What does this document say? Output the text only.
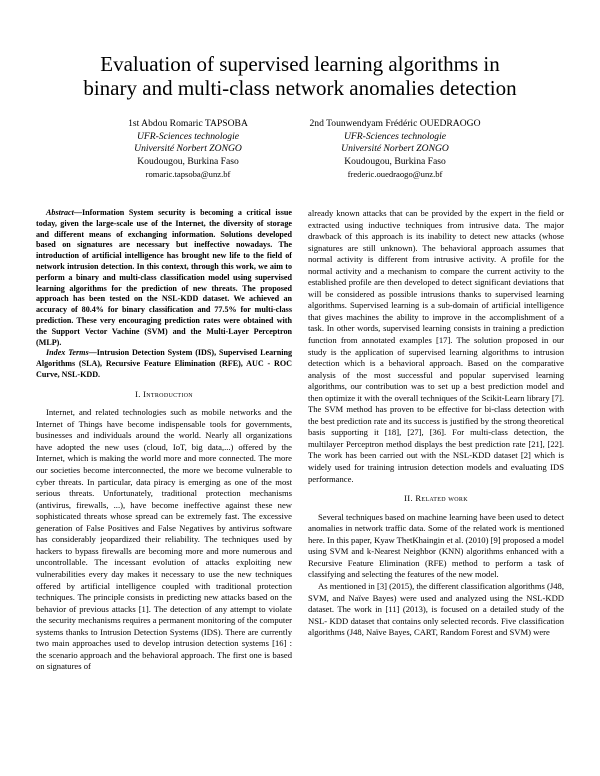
Evaluation of supervised learning algorithms in
binary and multi-class network anomalies detection
1st Abdou Romaric TAPSOBA
UFR-Sciences technologie
Université Norbert ZONGO
Koudougou, Burkina Faso
romaric.tapsoba@unz.bf
2nd Tounwendyam Frédéric OUEDRAOGO
UFR-Sciences technologie
Université Norbert ZONGO
Koudougou, Burkina Faso
frederic.ouedraogo@unz.bf

Abstract—Information System security is becoming a critical issue today, given the large-scale use of the Internet, the diversity of storage and different means of exchanging information. Solutions developed based on signatures are necessary but ineffective nowadays. The introduction of artificial intelligence has brought new life to the field of network intrusion detection. In this context, through this work, we aim to perform a binary and multi-class classification model using supervised learning algorithms for the prediction of new threats. The proposed approach has been tested on the NSL-KDD dataset. We achieved an accuracy of 80.4% for binary classification and 77.5% for multi-class prediction. These very encouraging prediction rates were obtained with the Support Vector Vachine (SVM) and the Multi-Layer Perceptron (MLP).

Index Terms—Intrusion Detection System (IDS), Supervised Learning Algorithms (SLA), Recursive Feature Elimination (RFE), AUC - ROC Curve, NSL-KDD.

I. Introduction

Internet, and related technologies such as mobile networks and the Internet of Things have become indispensable tools for governments, businesses and individuals around the world. Nearly all organizations have adopted the new uses (cloud, IoT, big data,...) offered by the Internet, which is making the world more and more connected. The more our societies become interconnected, the more we become vulnerable to cyber threats. In particular, data piracy is emerging as one of the most serious threats. Unfortunately, traditional protection mechanisms (antivirus, firewalls, ...), have become ineffective against these new sophisticated threats whose spread can be extremely fast. The excessive generation of False Positives and False Negatives by antivirus software has considerably jeopardized their reliability. The techniques used by hackers to bypass firewalls are becoming more and more numerous and uncontrollable. The incessant evolution of attacks exploiting new vulnerabilities every day makes it necessary to use the new techniques offered by artificial intelligence coupled with traditional protection techniques. The principle consists in predicting new attacks based on the behavior of previous attacks [1]. The detection of any attempt to violate the security mechanisms requires a permanent monitoring of the computer systems thanks to Intrusion Detection Systems (IDS). There are currently two main approaches used to develop intrusion detection systems [16] : the scenario approach and the behavioral approach. The first one is based on signatures of

already known attacks that can be provided by the expert in the field or extracted using inductive techniques from intrusive data. The major drawback of this approach is its inability to detect new attacks (whose signatures are still unknown). The behavioral approach assumes that normal activity is different from intrusive activity. A profile for the normal activity and a mechanism to compare the current activity to the established profile are then developed to detect significant deviations that will be considered as possible intrusions thanks to supervised learning algorithms. Supervised learning is a sub-domain of artificial intelligence that gives machines the ability to improve in the accomplishment of a task. In other words, supervised learning consists in training a prediction function from annotated examples [17]. The solution proposed in our study is the application of supervised learning algorithms to intrusion detection which is a behavioral approach. Based on the comparative analysis of the most successful and popular supervised learning algorithms, our contribution was to set up a best prediction model and then optimize it with the overall techniques of the Scikit-Learn library [7]. The SVM method has proven to be effective for bi-class detection with the best prediction rate and its success is justified by the strong theoretical basis supporting it [18], [27], [36]. For multi-class detection, the multilayer Perceptron method displays the best prediction rate [21], [22]. The work has been carried out with the NSL-KDD dataset [2] which is widely used for training intrusion detection models and evaluating IDS performance.

II. Related work

Several techniques based on machine learning have been used to detect anomalies in network traffic data. Some of the related work is mentioned here. In this paper, Kyaw ThetKhaingin et al. (2010) [9] proposed a model using SVM and k-Nearest Neighbor (KNN) algorithms enhanced with a Recursive Feature Elimination (RFE) method to perform a task of classifying and selecting the features of the new model.

As mentioned in [3] (2015), the different classification algorithms (J48, SVM, and Naïve Bayes) were used and analyzed using the NSL-KDD dataset. The work in [11] (2013), is focused on a detailed study of the NSL- KDD dataset that contains only selected records. Five classification algorithms (J48, Naïve Bayes, CART, Random Forest and SVM) were
